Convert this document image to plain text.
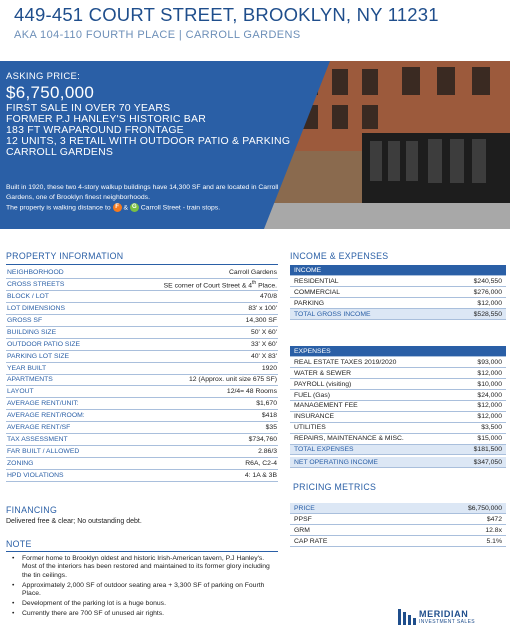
449-451 COURT STREET, BROOKLYN, NY 11231
AKA 104-110 FOURTH PLACE | CARROLL GARDENS
ASKING PRICE:
$6,750,000
FIRST SALE IN OVER 70 YEARS
FORMER P.J HANLEY'S HISTORIC BAR
183 FT WRAPAROUND FRONTAGE
12 UNITS, 3 RETAIL WITH OUTDOOR PATIO & PARKING
CARROLL GARDENS
Built in 1920, these two 4-story walkup buildings have 14,300 SF and are located in Carroll Gardens, one of Brooklyn finest neighborhoods.
The property is walking distance to F & G Carroll Street - train stops.
PROPERTY INFORMATION
NEIGHBORHOOD	Carroll Gardens
CROSS STREETS	SE corner of Court Street & 4th Place.
BLOCK / LOT	470/8
LOT DIMENSIONS	83' x 100'
GROSS SF	14,300 SF
BUILDING SIZE	50' X 60'
OUTDOOR PATIO SIZE	33' X 60'
PARKING LOT SIZE	40' X 83'
YEAR BUILT	1920
APARTMENTS	12 (Approx. unit size 675 SF)
LAYOUT	12/4= 48 Rooms
AVERAGE RENT/UNIT:	$1,670
AVERAGE RENT/ROOM:	$418
AVERAGE RENT/SF	$35
TAX ASSESSMENT	$734,760
FAR BUILT / ALLOWED	2.86/3
ZONING	R6A, C2-4
HPD VIOLATIONS	4: 1A & 3B
FINANCING
Delivered free & clear; No outstanding debt.
NOTE
• Former home to Brooklyn oldest and historic Irish-American tavern, P.J Hanley's. Most of the interiors has been restored and maintained to its former glory including the tin ceilings.
• Approximately 2,000 SF of outdoor seating area + 3,300 SF of parking on Fourth Place.
• Development of the parking lot is a huge bonus.
• Currently there are 700 SF of unused air rights.
INCOME & EXPENSES
INCOME	
RESIDENTIAL	$240,550
COMMERCIAL	$276,000
PARKING	$12,000
TOTAL GROSS INCOME	$528,550
EXPENSES	
REAL ESTATE TAXES 2019/2020	$93,000
WATER & SEWER	$12,000
PAYROLL (visiting)	$10,000
FUEL (Gas)	$24,000
MANAGEMENT FEE	$12,000
INSURANCE	$12,000
UTILITIES	$3,500
REPAIRS, MAINTENANCE & MISC.	$15,000
TOTAL EXPENSES	$181,500
NET OPERATING INCOME	$347,050
PRICING METRICS
PRICE	$6,750,000
PPSF	$472
GRM	12.8x
CAP RATE	5.1%
MERIDIAN
INVESTMENT SALES
